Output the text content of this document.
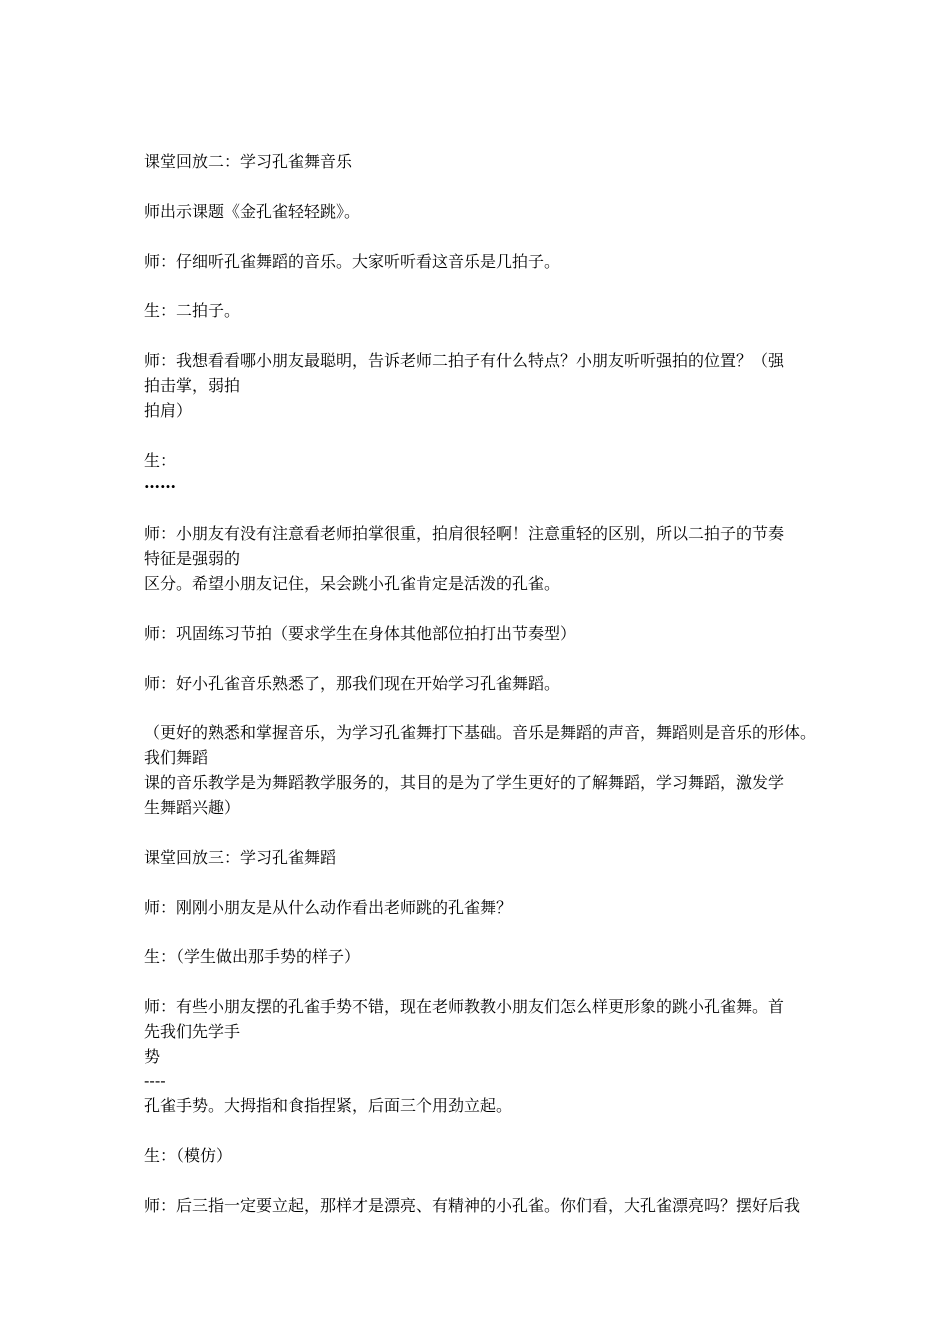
课堂回放二：学习孔雀舞音乐
师出示课题《金孔雀轻轻跳》。
师：仔细听孔雀舞蹈的音乐。大家听听看这音乐是几拍子。
生：二拍子。
师：我想看看哪小朋友最聪明，告诉老师二拍子有什么特点？小朋友听听强拍的位置？（强
拍击掌，弱拍
拍肩）
生：
……
师：小朋友有没有注意看老师拍掌很重，拍肩很轻啊！注意重轻的区别，所以二拍子的节奏
特征是强弱的
区分。希望小朋友记住，呆会跳小孔雀肯定是活泼的孔雀。
师：巩固练习节拍（要求学生在身体其他部位拍打出节奏型）
师：好小孔雀音乐熟悉了，那我们现在开始学习孔雀舞蹈。
（更好的熟悉和掌握音乐，为学习孔雀舞打下基础。音乐是舞蹈的声音，舞蹈则是音乐的形体。
我们舞蹈
课的音乐教学是为舞蹈教学服务的，其目的是为了学生更好的了解舞蹈，学习舞蹈，激发学
生舞蹈兴趣）
课堂回放三：学习孔雀舞蹈
师：刚刚小朋友是从什么动作看出老师跳的孔雀舞？
生：（学生做出那手势的样子）
师：有些小朋友摆的孔雀手势不错，现在老师教教小朋友们怎么样更形象的跳小孔雀舞。首
先我们先学手
势
----
孔雀手势。大拇指和食指捏紧，后面三个用劲立起。
生：（模仿）
师：后三指一定要立起，那样才是漂亮、有精神的小孔雀。你们看，大孔雀漂亮吗？摆好后我
